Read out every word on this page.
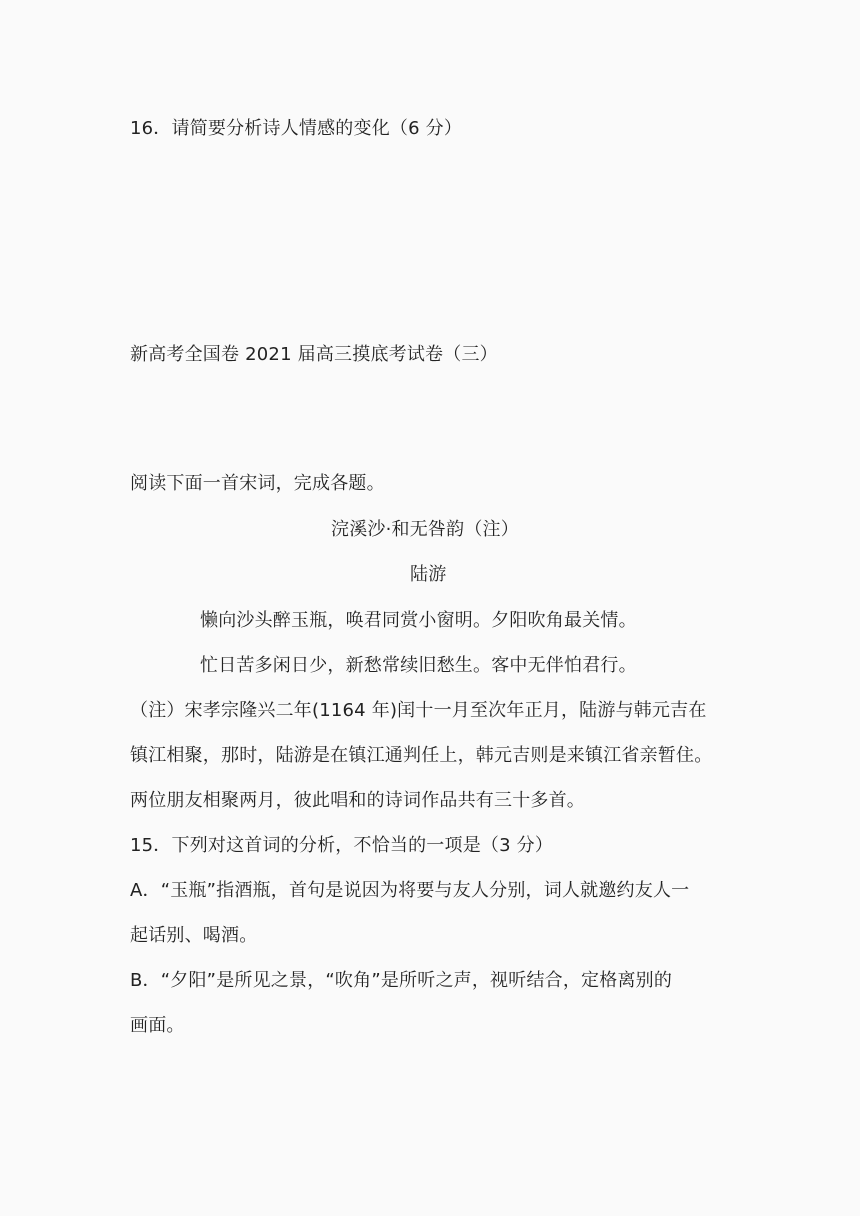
16．请简要分析诗人情感的变化（6 分）
新高考全国卷 2021 届高三摸底考试卷（三）
阅读下面一首宋词，完成各题。
浣溪沙·和无咎韵（注）
陆游
懒向沙头醉玉瓶，唤君同赏小窗明。夕阳吹角最关情。
忙日苦多闲日少，新愁常续旧愁生。客中无伴怕君行。
（注）宋孝宗隆兴二年(1164 年)闰十一月至次年正月，陆游与韩元吉在
镇江相聚，那时，陆游是在镇江通判任上，韩元吉则是来镇江省亲暂住。
两位朋友相聚两月，彼此唱和的诗词作品共有三十多首。
15．下列对这首词的分析，不恰当的一项是（3 分）
A．“玉瓶”指酒瓶，首句是说因为将要与友人分别，词人就邀约友人一
起话别、喝酒。
B．“夕阳”是所见之景，“吹角”是所听之声，视听结合，定格离别的
画面。
